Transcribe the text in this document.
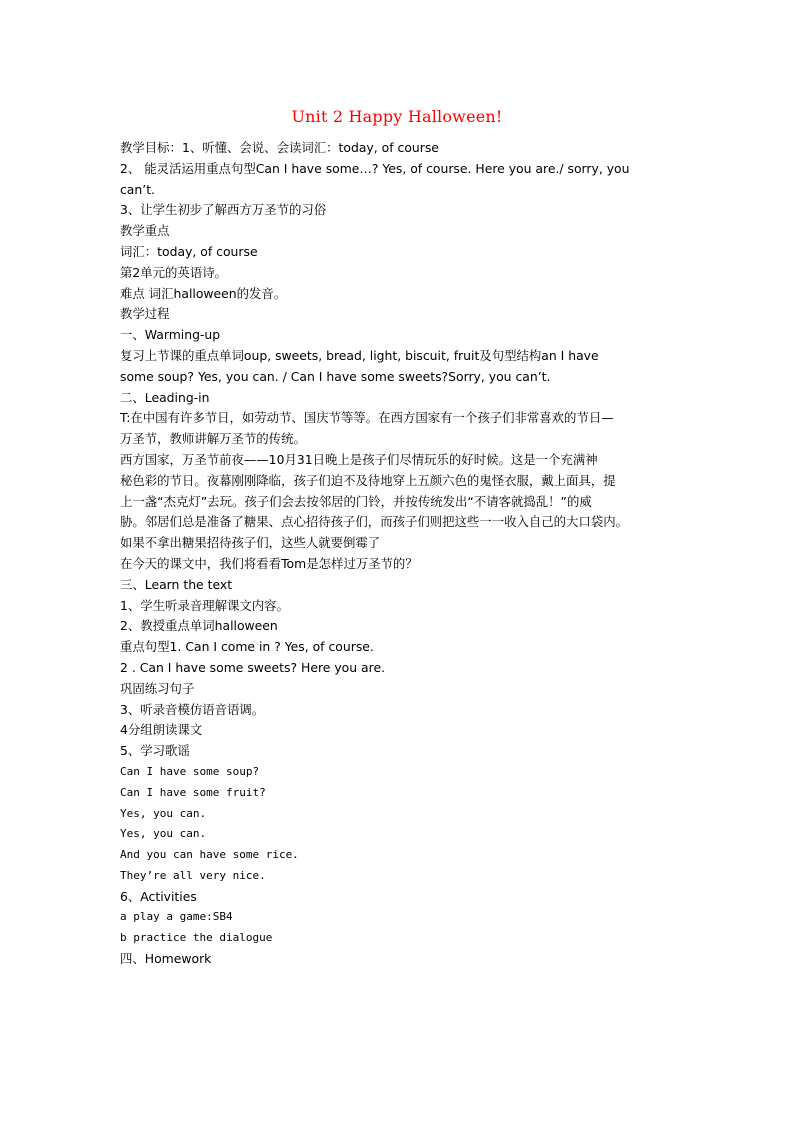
Unit 2 Happy Halloween!
教学目标：1、听懂、会说、会读词汇：today, of course
2、 能灵活运用重点句型Can I have some…? Yes, of course. Here you are./ sorry, you
can’t.
3、让学生初步了解西方万圣节的习俗
教学重点
词汇：today, of course
第2单元的英语诗。
难点 词汇halloween的发音。
教学过程
一、Warming-up
复习上节课的重点单词oup, sweets, bread, light, biscuit, fruit及句型结构an I have
some soup? Yes, you can. / Can I have some sweets?Sorry, you can’t.
二、Leading-in
T:在中国有许多节日，如劳动节、国庆节等等。在西方国家有一个孩子们非常喜欢的节日—
万圣节，教师讲解万圣节的传统。
西方国家，万圣节前夜——10月31日晚上是孩子们尽情玩乐的好时候。这是一个充满神
秘色彩的节日。夜幕刚刚降临，孩子们迫不及待地穿上五颜六色的鬼怪衣服，戴上面具，提
上一盏“杰克灯”去玩。孩子们会去按邻居的门铃，并按传统发出“不请客就捣乱！”的威
胁。邻居们总是准备了糖果、点心招待孩子们，而孩子们则把这些一一收入自己的大口袋内。
如果不拿出糖果招待孩子们，这些人就要倒霉了
在今天的课文中，我们将看看Tom是怎样过万圣节的？
三、Learn the text
1、学生听录音理解课文内容。
2、教授重点单词halloween
重点句型1. Can I come in ? Yes, of course.
2 . Can I have some sweets? Here you are.
巩固练习句子
3、听录音模仿语音语调。
4分组朗读课文
5、学习歌谣
Can I have some soup?
Can I have some fruit?
Yes, you can.
Yes, you can.
And you can have some rice.
They’re all very nice.
6、Activities
a play a game:SB4
b practice the dialogue
四、Homework
